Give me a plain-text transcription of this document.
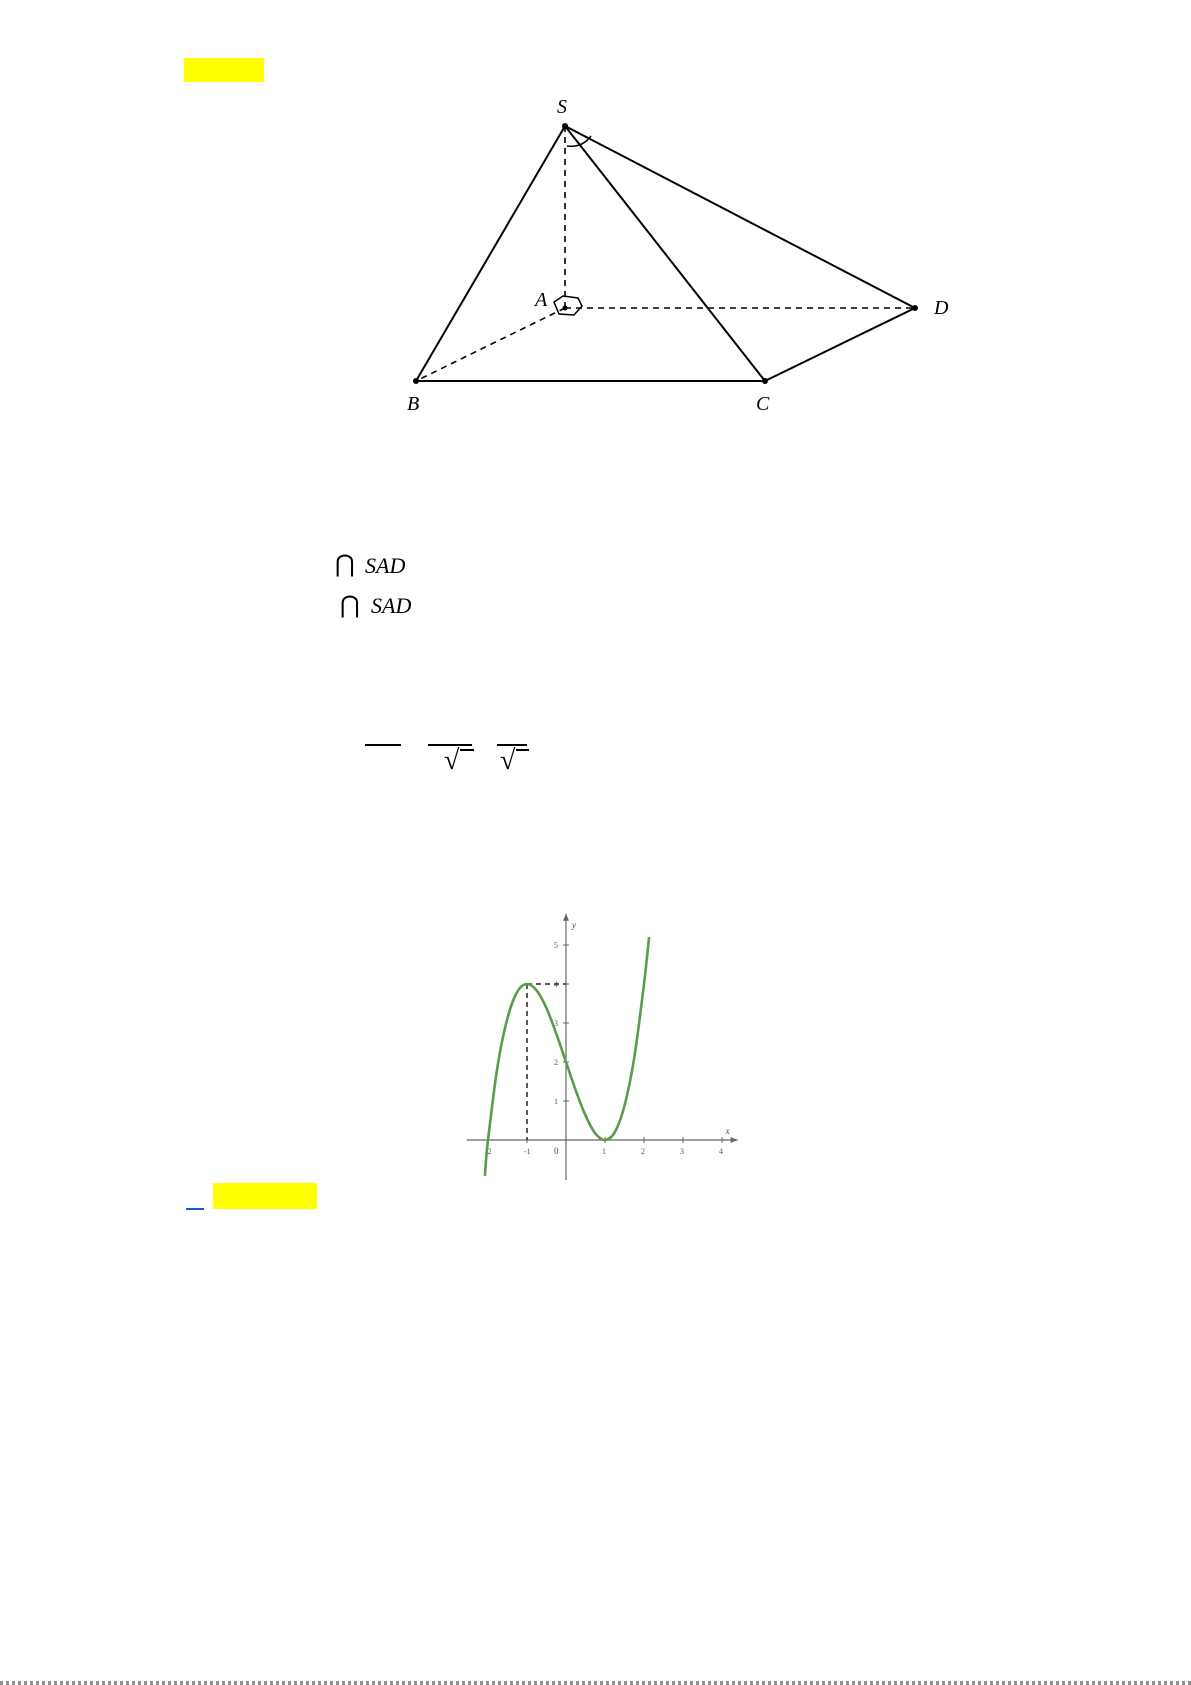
S
A
B	C
D
⋂ SAD
⋂ SAD
√ √
-2	-1	1	2	3	4
1
2
3
4
5
x
y
0
